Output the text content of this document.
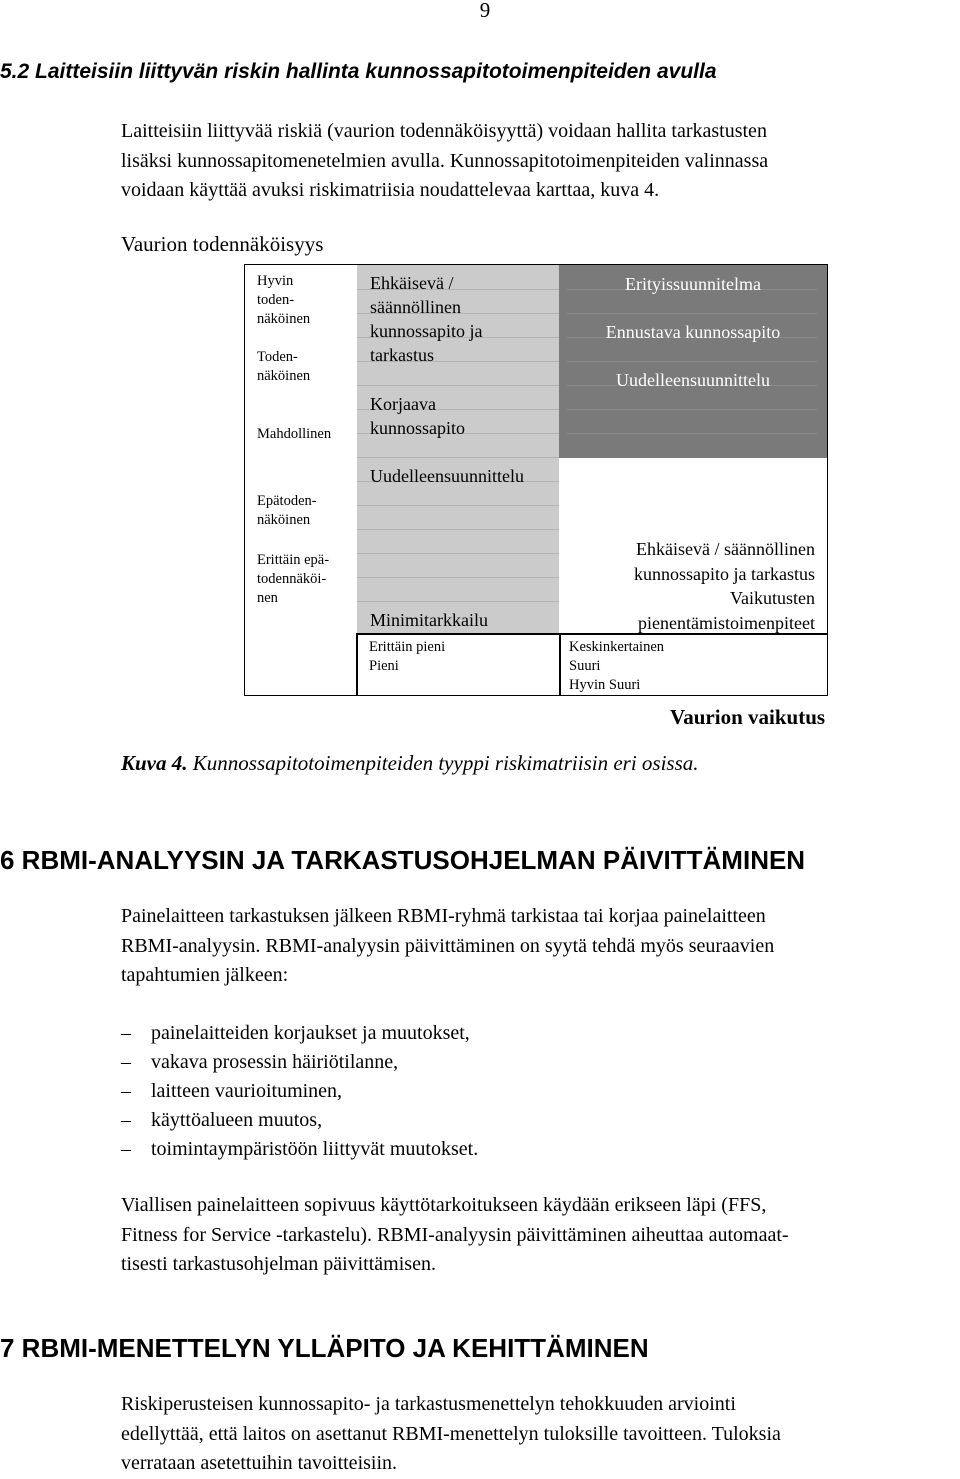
9
5.2 Laitteisiin liittyvän riskin hallinta kunnossapitotoimenpiteiden avulla
Laitteisiin liittyvää riskiä (vaurion todennäköisyyttä) voidaan hallita tarkastusten
lisäksi kunnossapitomenetelmien avulla. Kunnossapitotoimenpiteiden valinnassa
voidaan käyttää avuksi riskimatriisia noudattelevaa karttaa, kuva 4.
Vaurion todennäköisyys
Ehkäisevä /
säännöllinen
kunnossapito ja
tarkastus
Korjaava
kunnossapito
Uudelleensuunnittelu
Minimitarkkailu
Erityissuunnitelma
Ennustava kunnossapito
Uudelleensuunnittelu
Hyvin
toden-
näköinen
Toden-
näköinen
Mahdollinen
Epätoden-
näköinen
Erittäin epä-
todennäköi-
nen
Ehkäisevä / säännöllinen
kunnossapito ja tarkastus
Vaikutusten
pienentämistoimenpiteet
Erittäin pieni
Pieni
Keskinkertainen
Suuri
Hyvin Suuri
Vaurion vaikutus
Kuva 4. Kunnossapitotoimenpiteiden tyyppi riskimatriisin eri osissa.
6 RBMI-ANALYYSIN JA TARKASTUSOHJELMAN PÄIVITTÄMINEN
Painelaitteen tarkastuksen jälkeen RBMI-ryhmä tarkistaa tai korjaa painelaitteen
RBMI-analyysin. RBMI-analyysin päivittäminen on syytä tehdä myös seuraavien
tapahtumien jälkeen:
–	painelaitteiden korjaukset ja muutokset,
–	vakava prosessin häiriötilanne,
–	laitteen vaurioituminen,
–	käyttöalueen muutos,
–	toimintaympäristöön liittyvät muutokset.
Viallisen painelaitteen sopivuus käyttötarkoitukseen käydään erikseen läpi (FFS,
Fitness for Service -tarkastelu). RBMI-analyysin päivittäminen aiheuttaa automaat-
tisesti tarkastusohjelman päivittämisen.
7 RBMI-MENETTELYN YLLÄPITO JA KEHITTÄMINEN
Riskiperusteisen kunnossapito- ja tarkastusmenettelyn tehokkuuden arviointi
edellyttää, että laitos on asettanut RBMI-menettelyn tuloksille tavoitteen. Tuloksia
verrataan asetettuihin tavoitteisiin.
